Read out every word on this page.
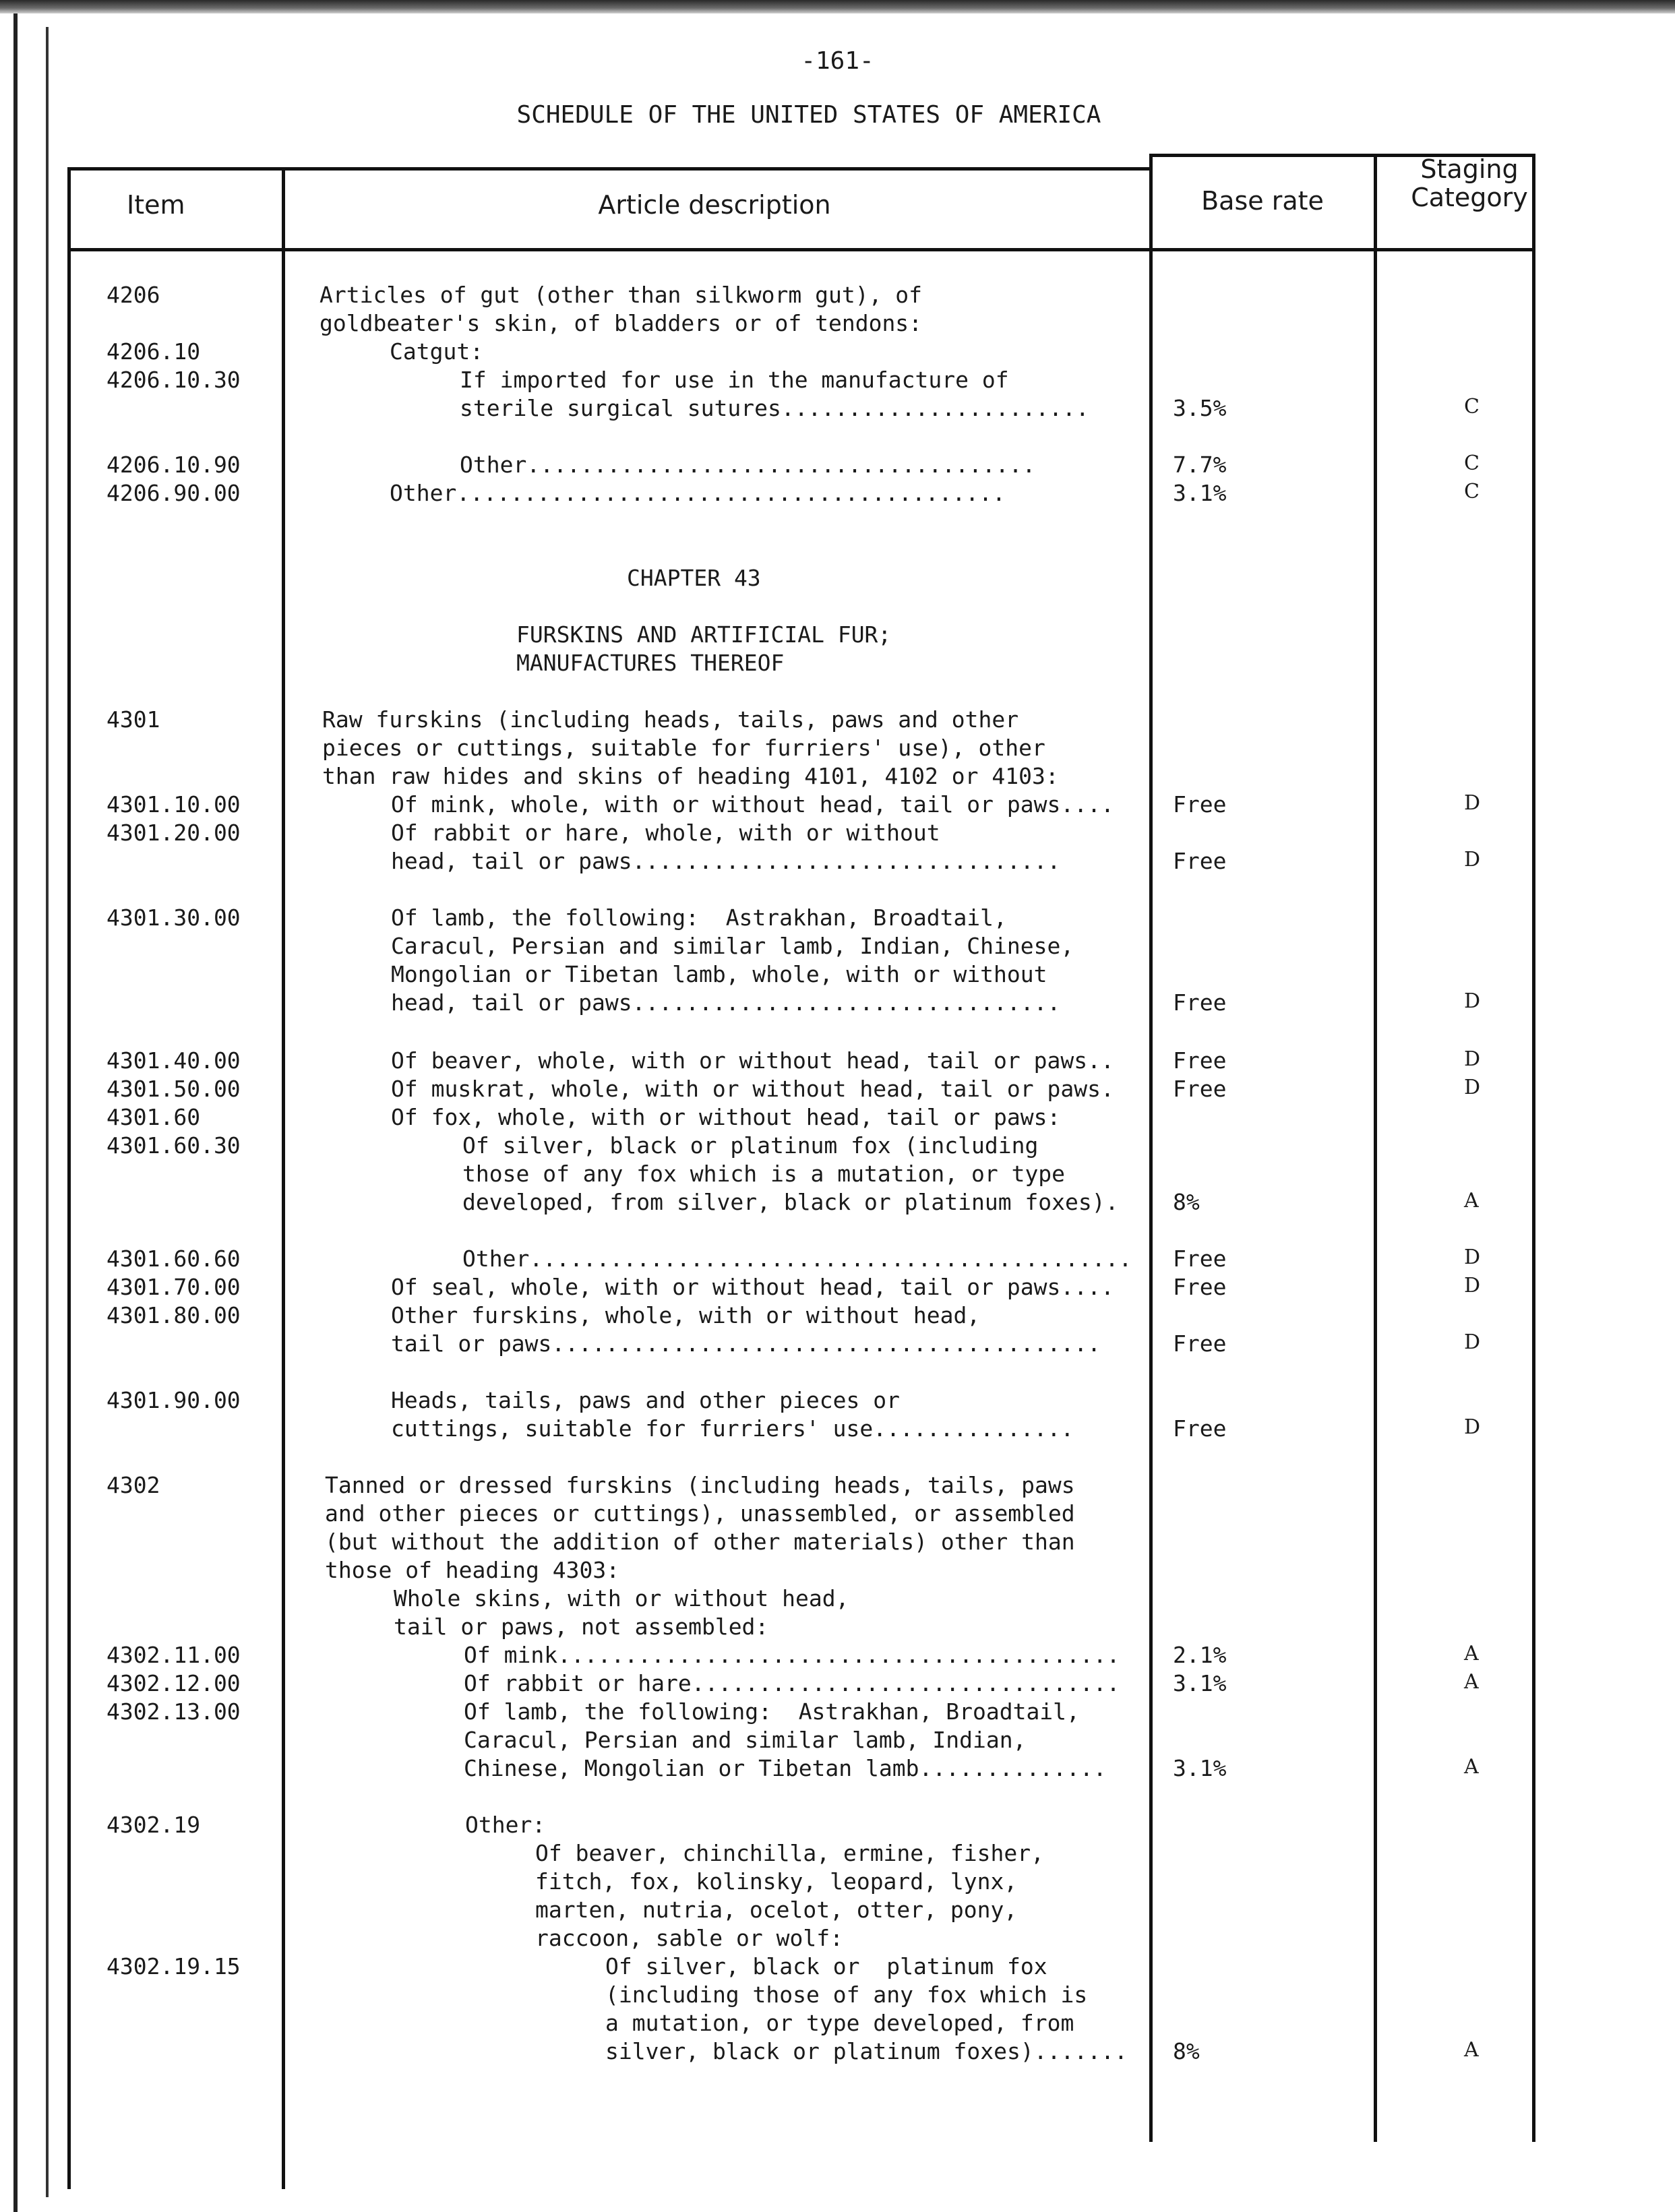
-161-
SCHEDULE OF THE UNITED STATES OF AMERICA
Item	Article description	Base rate
Staging
Category
4206
4206.10
4206.10.30
4206.10.90
4206.90.00
4301
4301.10.00
4301.20.00
4301.30.00
4301.40.00
4301.50.00
4301.60
4301.60.30
4301.60.60
4301.70.00
4301.80.00
4301.90.00
4302
4302.11.00
4302.12.00
4302.13.00
4302.19
4302.19.15
Articles of gut (other than silkworm gut), of
goldbeater's skin, of bladders or of tendons:
Catgut:
If imported for use in the manufacture of
sterile surgical sutures.......................
Other......................................
Other.........................................
CHAPTER 43
FURSKINS AND ARTIFICIAL FUR;
MANUFACTURES THEREOF
Raw furskins (including heads, tails, paws and other
pieces or cuttings, suitable for furriers' use), other
than raw hides and skins of heading 4101, 4102 or 4103:
Of mink, whole, with or without head, tail or paws....
Of rabbit or hare, whole, with or without
head, tail or paws................................
Of lamb, the following:  Astrakhan, Broadtail,
Caracul, Persian and similar lamb, Indian, Chinese,
Mongolian or Tibetan lamb, whole, with or without
head, tail or paws................................
Of beaver, whole, with or without head, tail or paws..
Of muskrat, whole, with or without head, tail or paws.
Of fox, whole, with or without head, tail or paws:
Of silver, black or platinum fox (including
those of any fox which is a mutation, or type
developed, from silver, black or platinum foxes).
Other.............................................
Of seal, whole, with or without head, tail or paws....
Other furskins, whole, with or without head,
tail or paws.........................................
Heads, tails, paws and other pieces or
cuttings, suitable for furriers' use...............
Tanned or dressed furskins (including heads, tails, paws
and other pieces or cuttings), unassembled, or assembled
(but without the addition of other materials) other than
those of heading 4303:
Whole skins, with or without head,
tail or paws, not assembled:
Of mink..........................................
Of rabbit or hare................................
Of lamb, the following:  Astrakhan, Broadtail,
Caracul, Persian and similar lamb, Indian,
Chinese, Mongolian or Tibetan lamb..............
Other:
Of beaver, chinchilla, ermine, fisher,
fitch, fox, kolinsky, leopard, lynx,
marten, nutria, ocelot, otter, pony,
raccoon, sable or wolf:
Of silver, black or  platinum fox
(including those of any fox which is
a mutation, or type developed, from
silver, black or platinum foxes).......
3.5%
7.7%
3.1%
Free
Free
Free
Free
Free
8%
Free
Free
Free
Free
2.1%
3.1%
3.1%
8%
C
C
C
D
D
D
D
D
A
D
D
D
D
A
A
A
A
